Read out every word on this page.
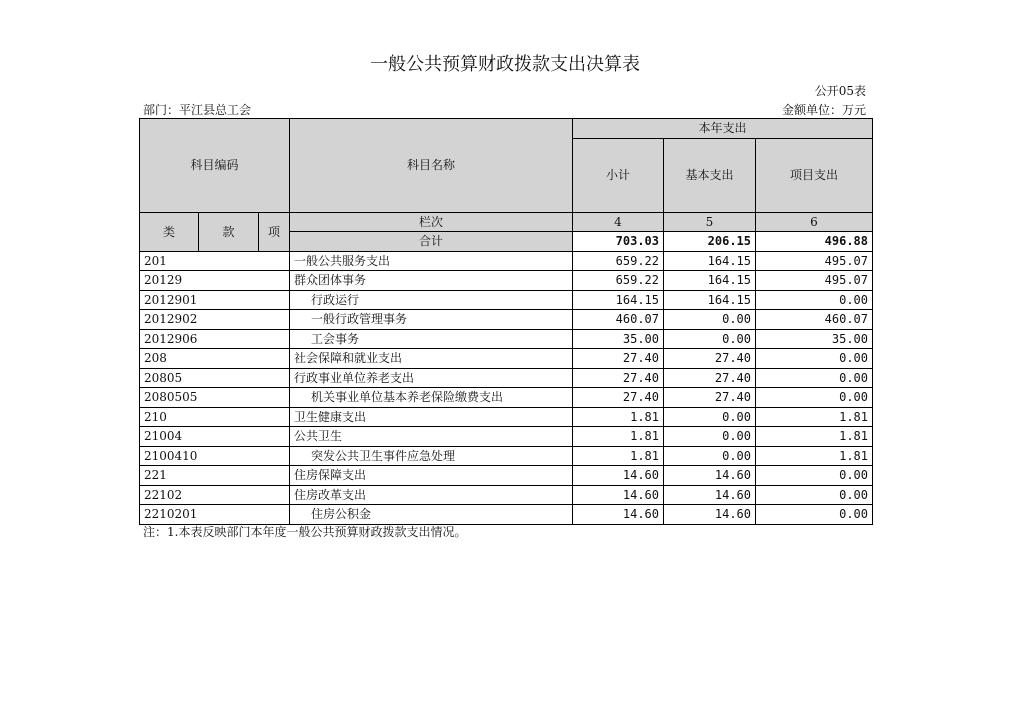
一般公共预算财政拨款支出决算表
公开05表
部门：平江县总工会	金额单位：万元
科目编码			科目名称	本年支出		
				小计	基本支出	项目支出
类	款	项	栏次	4	5	6
			合计	703.03	206.15	496.88
201			一般公共服务支出	659.22	164.15	495.07
20129			群众团体事务	659.22	164.15	495.07
2012901			行政运行	164.15	164.15	0.00
2012902			一般行政管理事务	460.07	0.00	460.07
2012906			工会事务	35.00	0.00	35.00
208			社会保障和就业支出	27.40	27.40	0.00
20805			行政事业单位养老支出	27.40	27.40	0.00
2080505			机关事业单位基本养老保险缴费支出	27.40	27.40	0.00
210			卫生健康支出	1.81	0.00	1.81
21004			公共卫生	1.81	0.00	1.81
2100410			突发公共卫生事件应急处理	1.81	0.00	1.81
221			住房保障支出	14.60	14.60	0.00
22102			住房改革支出	14.60	14.60	0.00
2210201			住房公积金	14.60	14.60	0.00
注：1.本表反映部门本年度一般公共预算财政拨款支出情况。
